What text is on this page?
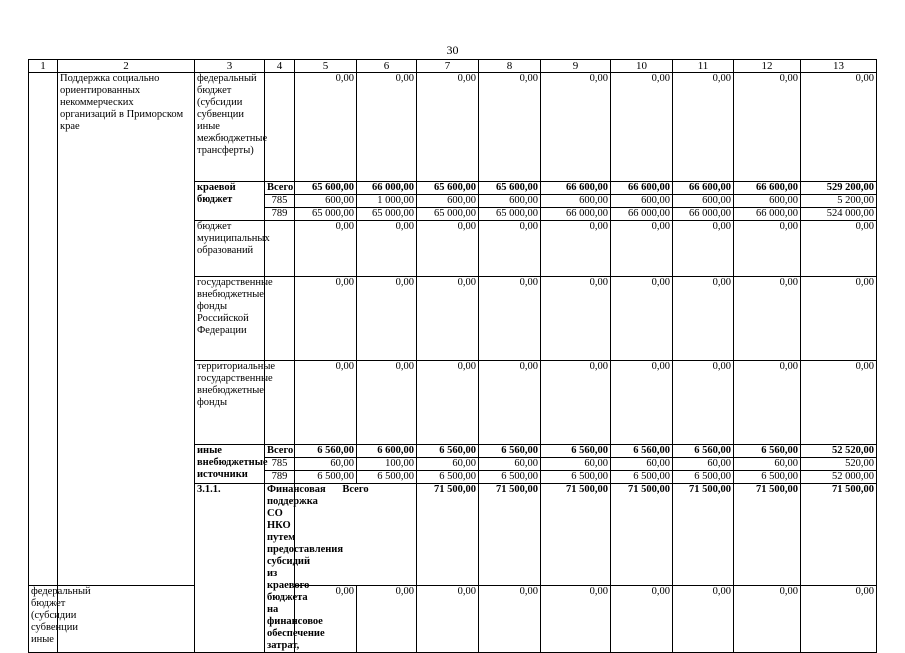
30
1	2	3	4	5	6	7	8	9	10	11	12	13	
	Поддержка социально ориентированных некоммерческих организаций в Приморском крае	федеральный бюджет (субсидии субвенции иные межбюджетные трансферты)		0,00	0,00	0,00	0,00	0,00	0,00	0,00	0,00	0,00	
		краевой бюджет	Всего	65 600,00	66 000,00	65 600,00	65 600,00	66 600,00	66 600,00	66 600,00	66 600,00	529 200,00	
			785	600,00	1 000,00	600,00	600,00	600,00	600,00	600,00	600,00	5 200,00	
			789	65 000,00	65 000,00	65 000,00	65 000,00	66 000,00	66 000,00	66 000,00	66 000,00	524 000,00	
		бюджет муниципальных образований		0,00	0,00	0,00	0,00	0,00	0,00	0,00	0,00	0,00	
		государственные внебюджетные фонды Российской Федерации		0,00	0,00	0,00	0,00	0,00	0,00	0,00	0,00	0,00	
		территориальные государственные внебюджетные фонды		0,00	0,00	0,00	0,00	0,00	0,00	0,00	0,00	0,00	
		иные внебюджетные источники	Всего	6 560,00	6 600,00	6 560,00	6 560,00	6 560,00	6 560,00	6 560,00	6 560,00	52 520,00	
			785	60,00	100,00	60,00	60,00	60,00	60,00	60,00	60,00	520,00	
			789	6 500,00	6 500,00	6 500,00	6 500,00	6 500,00	6 500,00	6 500,00	6 500,00	52 000,00	
		3.1.1.	Финансовая поддержка СО НКО путем предоставления субсидий из краевого бюджета на финансовое обеспечение затрат,	Всего		71 500,00	71 500,00	71 500,00	71 500,00	71 500,00	71 500,00	71 500,00		
федеральный бюджет (субсидии субвенции иные				0,00	0,00	0,00	0,00	0,00	0,00	0,00	0,00	0,00	
